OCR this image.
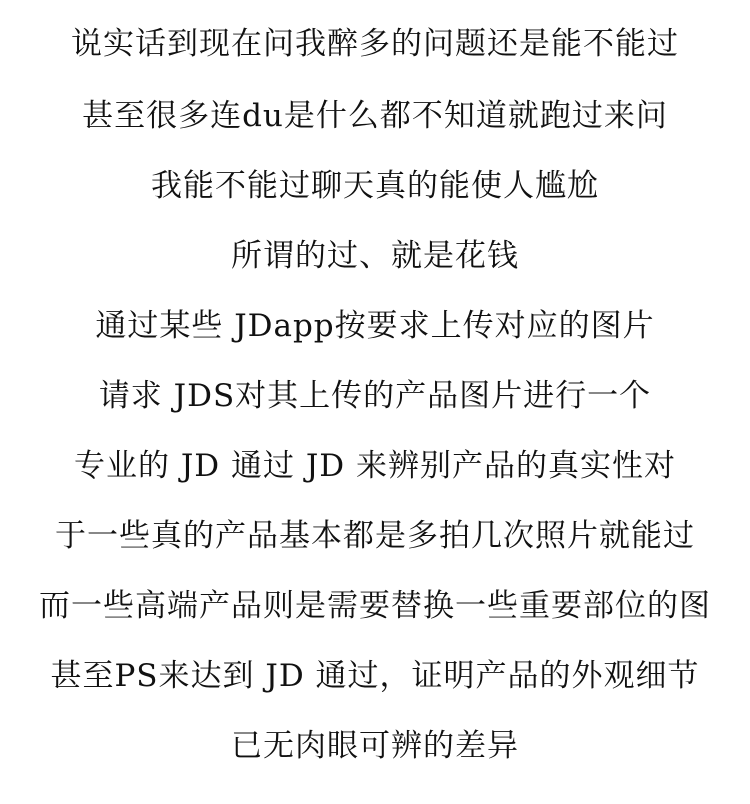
说实话到现在问我醉多的问题还是能不能过
甚至很多连du是什么都不知道就跑过来问
我能不能过聊天真的能使人尴尬
所谓的过、就是花钱
通过某些 JDapp按要求上传对应的图片
请求 JDS对其上传的产品图片进行一个
专业的 JD 通过 JD 来辨别产品的真实性对
于一些真的产品基本都是多拍几次照片就能过
而一些高端产品则是需要替换一些重要部位的图
甚至PS来达到 JD 通过，证明产品的外观细节
已无肉眼可辨的差异
